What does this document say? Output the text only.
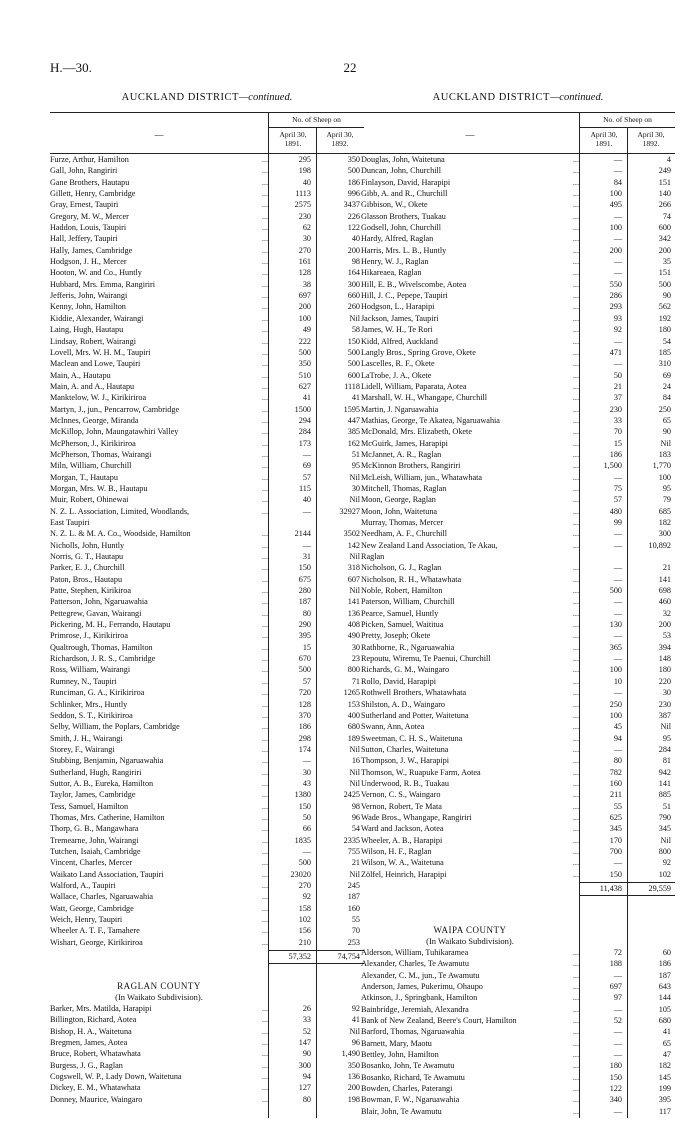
H.—30.	22
AUCKLAND DISTRICT—continued.
—
No. of Sheep on
April 30,
1891.
April 30,
1892.
Furze, Arthur, Hamilton	...	295	350
Gall, John, Rangiriri	...	198	500
Gane Brothers, Hautapu	...	40	186
Gillett, Henry, Cambridge	...	1113	996
Gray, Ernest, Taupiri	...	2575	3437
Gregory, M. W., Mercer	...	230	226
Haddon, Louis, Taupiri	...	62	122
Hall, Jeffery, Taupiri	...	30	40
Hally, James, Cambridge	...	270	200
Hodgson, J. H., Mercer	...	161	98
Hooton, W. and Co., Huntly	...	128	164
Hubbard, Mrs. Emma, Rangiriri	...	38	300
Jefferis, John, Wairangi	...	697	660
Kenny, John, Hamilton	...	200	260
Kiddie, Alexander, Wairangi	...	100	Nil
Laing, Hugh, Hautapu	...	49	58
Lindsay, Robert, Wairangi	...	222	150
Lovell, Mrs. W. H. M., Taupiri	...	500	500
Maclean and Lowe, Taupiri	...	350	500
Main, A., Hautapu	...	510	600
Main, A. and A., Hautapu	...	627	1118
Manktelow, W. J., Kirikiriroa	...	41	41
Martyn, J., jun., Pencarrow, Cambridge	...	1500	1595
McInnes, George, Miranda	...	294	447
McKillop, John, Maungatawhiri Valley	...	284	385
McPherson, J., Kirikiriroa	...	173	162
McPherson, Thomas, Wairangi	...	—	51
Miln, William, Churchill	...	69	95
Morgan, T., Hautapu	...	57	Nil
Morgan, Mrs. W. B., Hautapu	...	115	30
Muir, Robert, Ohinewai	...	40	Nil
N. Z. L. Association, Limited, Woodlands,	...	—	32927
East Taupiri
N. Z. L. & M. A. Co., Woodside, Hamilton	...	2144	3502
Nicholls, John, Huntly	...	—	142
Norris, G. T., Hautapu	...	31	Nil
Parker, E. J., Churchill	...	150	318
Paton, Bros., Hautapu	...	675	607
Patte, Stephen, Kirikiroa	...	280	Nil
Patterson, John, Ngaruawahia	...	187	141
Pettegrew, Gavan, Wairangi	...	80	136
Pickering, M. H., Ferrando, Hautapu	...	290	408
Primrose, J., Kirikiriroa	...	395	490
Qualtrough, Thomas, Hamilton	...	15	30
Richardson, J. R. S., Cambridge	...	670	23
Ross, William, Wairangi	...	500	800
Rumney, N., Taupiri	...	57	71
Runciman, G. A., Kirikiriroa	...	720	1265
Schlinker, Mrs., Huntly	...	128	153
Seddon, S. T., Kirikiriroa	...	370	400
Selby, William, the Poplars, Cambridge	...	186	680
Smith, J. H., Wairangi	...	298	189
Storey, F., Wairangi	...	174	Nil
Stubbing, Benjamin, Ngaruawahia	...	—	16
Sutherland, Hugh, Rangiriri	...	30	Nil
Suttor, A. B., Eureka, Hamilton	...	43	Nil
Taylor, James, Cambridge	...	1380	2425
Tess, Samuel, Hamilton	...	150	98
Thomas, Mrs. Catherine, Hamilton	...	50	96
Thorp, G. B., Mangawhara	...	66	54
Tremearne, John, Wairangi	...	1835	2335
Tutchen, Isaiah, Cambridge	...	—	755
Vincent, Charles, Mercer	...	500	21
Waikato Land Association, Taupiri	...	23020	Nil
Walford, A., Taupiri	...	270	245
Wallace, Charles, Ngaruawahia	...	92	187
Watt, George, Cambridge	...	158	160
Weich, Henry, Taupiri	...	102	55
Wheeler A. T. F., Tamahere	...	156	70
Wishart, George, Kirikiriroa	...	210	253
57,352	74,754
RAGLAN COUNTY
(In Waikato Subdivision).
Barker, Mrs. Matilda, Harapipi	...	26	92
Billington, Richard, Aotea	...	33	41
Bishop, H. A., Waitetuna	...	52	Nil
Bregmen, James, Aotea	...	147	96
Bruce, Robert, Whatawhata	...	90	1,490
Burgess, J. G., Raglan	...	300	350
Cogswell, W. P., Lady Down, Waitetuna	...	94	136
Dickey, E. M., Whatawhata	...	127	200
Donney, Maurice, Waingaro	...	80	198
AUCKLAND DISTRICT—continued.
—
No. of Sheep on
April 30,
1891.
April 30,
1892.
Douglas, John, Waitetuna	...	—	4
Duncan, John, Churchill	...	—	249
Finlayson, David, Harapipi	...	84	151
Gibb, A. and R., Churchill	...	100	140
Gibbison, W., Okete	...	495	266
Glasson Brothers, Tuakau	...	—	74
Godsell, John, Churchill	...	100	600
Hardy, Alfred, Raglan	...	—	342
Harris, Mrs. L. B., Huntly	...	200	200
Henry, W. J., Raglan	...	—	35
Hikareaea, Raglan	...	—	151
Hill, E. B., Wivelscombe, Aotea	...	550	500
Hill, J. C., Pepepe, Taupiri	...	286	90
Hodgson, L., Harapipi	...	293	562
Jackson, James, Taupiri	...	93	192
James, W. H., Te Rori	...	92	180
Kidd, Alfred, Auckland	...	—	54
Langly Bros., Spring Grove, Okete	...	471	185
Lascelles, R. F., Okete	...	—	310
LaTrobe, J. A., Okete	...	50	69
Lidell, William, Paparata, Aotea	...	21	24
Marshall, W. H., Whangape, Churchill	...	37	84
Martin, J. Ngaruawahia	...	230	250
Mathias, George, Te Akatea, Ngaruawahia	...	33	65
McDonald, Mrs. Elizabeth, Okete	...	70	90
McGuirk, James, Harapipi	...	15	Nil
McJannet, A. R., Raglan	...	186	183
McKinnon Brothers, Rangiriri	...	1,500	1,770
McLeish, William, jun., Whatawhata	...	—	100
Mitchell, Thomas, Raglan	...	75	95
Moon, George, Raglan	...	57	79
Moon, John, Waitetuna	...	480	685
Murray, Thomas, Mercer	...	99	182
Needham, A. F., Churchill	...	—	300
New Zealand Land Association, Te Akau,	...	—	10,892
Raglan
Nicholson, G. J., Raglan	...	—	21
Nicholson, R. H., Whatawhata	...	—	141
Noble, Robert, Hamilton	...	500	698
Paterson, William, Churchill	...	—	460
Pearce, Samuel, Huntly	...	—	32
Picken, Samuel, Waititua	...	130	200
Pretty, Joseph; Okete	...	—	53
Rathborne, R., Ngaruawahia	...	365	394
Repoutu, Wiremu, Te Paenui, Churchill	...	—	148
Richards, G. M., Waingaro	...	100	180
Rollo, David, Harapipi	...	10	220
Rothwell Brothers, Whatawhata	...	—	30
Shilston, A. D., Waingaro	...	250	230
Sutherland and Potter, Waitetuna	...	100	387
Swann, Ann, Aotea	...	45	Nil
Sweetman, C. H. S., Waitetuna	...	94	95
Sutton, Charles, Waitetuna	...	—	284
Thompson, J. W., Harapipi	...	80	81
Thomson, W., Ruapuke Farm, Aotea	...	782	942
Underwood, R. B., Tuakau	...	160	141
Vernon, C. S., Waingaro	...	211	885
Vernon, Robert, Te Mata	...	55	51
Wade Bros., Whangape, Rangiriri	...	625	790
Ward and Jackson, Aotea	...	345	345
Wheeler, A. B., Harapipi	...	170	Nil
Wilson, H. F., Raglan	...	700	800
Wilson, W. A., Waitetuna	...	—	92
Zölfel, Heinrich, Harapipi	...	150	102
11,438	29,559
WAIPA COUNTY
(In Waikato Subdivision).
Alderson, William, Tuhikaramea	...	72	60
Alexander, Charles, Te Awamutu	...	188	186
Alexander, C. M., jun., Te Awamutu	...	—	187
Anderson, James, Pukerimu, Ohaupo	...	697	643
Atkinson, J., Springbank, Hamilton	...	97	144
Bainbridge, Jeremiah, Alexandra	...	—	105
Bank of New Zealand, Beere's Court, Hamilton	...	52	680
Barford, Thomas, Ngaruawahia	...	—	41
Barnett, Mary, Maotu	...	—	65
Bettley, John, Hamilton	...	—	47
Bosanko, John, Te Awamutu	...	180	182
Bosanko, Richard, Te Awamutu	...	150	145
Bowden, Charles, Paterangi	...	122	199
Bowman, F. W., Ngaruawahia	...	340	395
Blair, John, Te Awamutu	...	—	117
